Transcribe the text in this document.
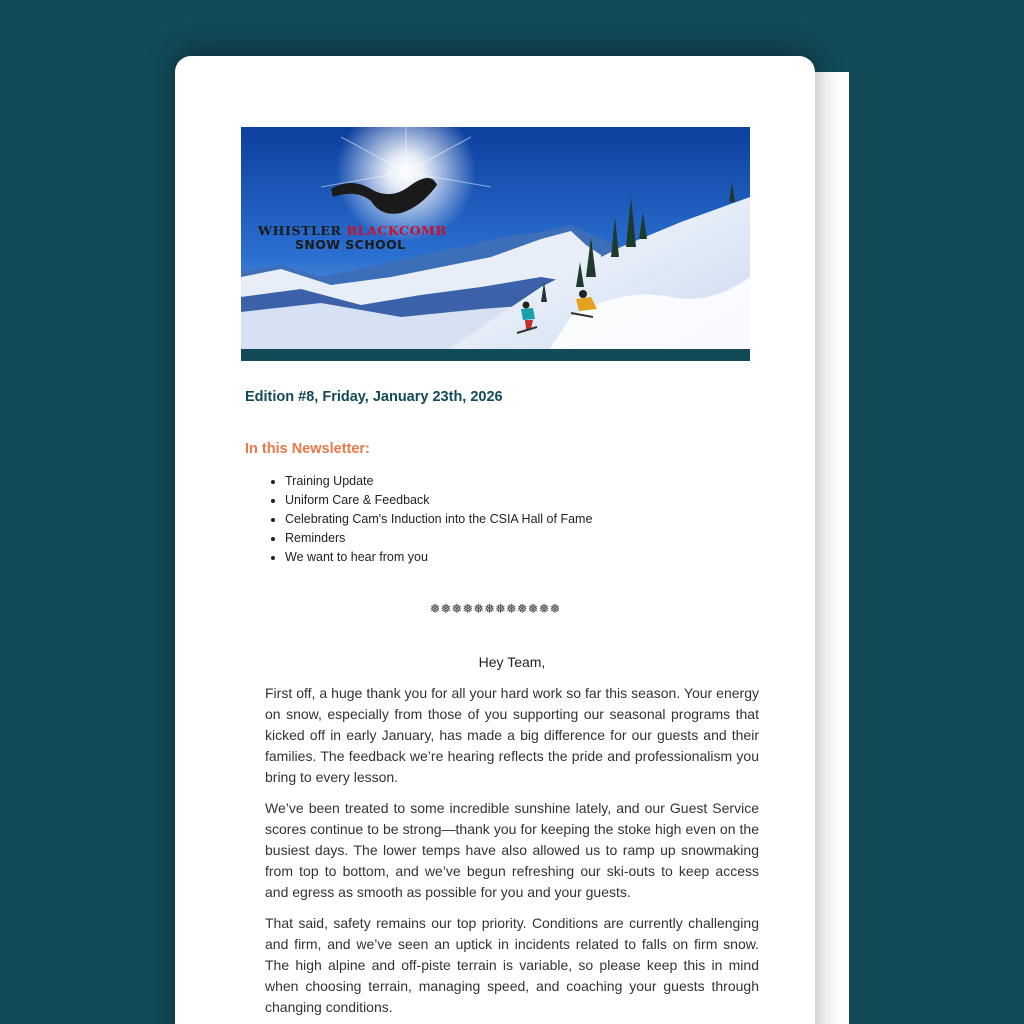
WHISTLER BLACKCOMB
SNOW SCHOOL
Edition #8, Friday, January 23th, 2026
In this Newsletter:
Training Update
Uniform Care & Feedback
Celebrating Cam's Induction into the CSIA Hall of Fame
Reminders
We want to hear from you
❅❅❅❅❅❅❅❅❅❅❅❅
Hey Team,

First off, a huge thank you for all your hard work so far this season. Your energy on snow, especially from those of you supporting our seasonal programs that kicked off in early January, has made a big difference for our guests and their families. The feedback we’re hearing reflects the pride and professionalism you bring to every lesson.

We’ve been treated to some incredible sunshine lately, and our Guest Service scores continue to be strong—thank you for keeping the stoke high even on the busiest days. The lower temps have also allowed us to ramp up snowmaking from top to bottom, and we’ve begun refreshing our ski-outs to keep access and egress as smooth as possible for you and your guests.

That said, safety remains our top priority. Conditions are currently challenging and firm, and we’ve seen an uptick in incidents related to falls on firm snow. The high alpine and off-piste terrain is variable, so please keep this in mind when choosing terrain, managing speed, and coaching your guests through changing conditions.
